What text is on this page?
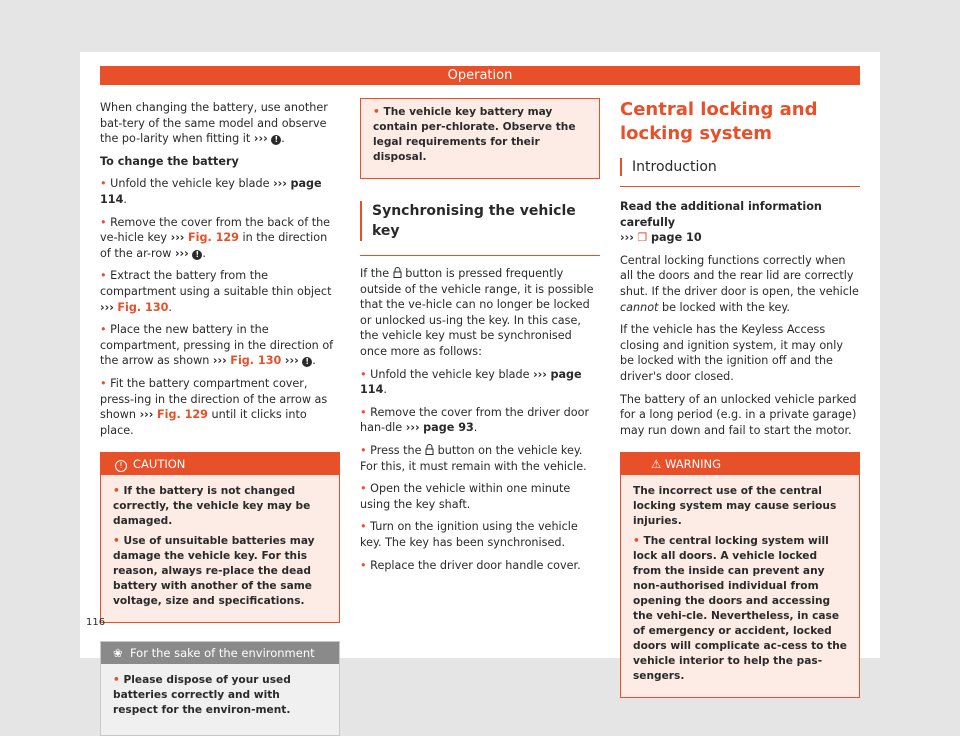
Operation

When changing the battery, use another bat-tery of the same model and observe the po-larity when fitting it ››› ! .

To change the battery

• Unfold the vehicle key blade ››› page 114.
• Remove the cover from the back of the ve-hicle key ››› Fig. 129 in the direction of the ar-row ››› ! .
• Extract the battery from the compartment using a suitable thin object ››› Fig. 130.
• Place the new battery in the compartment, pressing in the direction of the arrow as shown ››› Fig. 130 ››› ! .
• Fit the battery compartment cover, press-ing in the direction of the arrow as shown ››› Fig. 129 until it clicks into place.
! CAUTION
• If the battery is not changed correctly, the vehicle key may be damaged.
• Use of unsuitable batteries may damage the vehicle key. For this reason, always re-place the dead battery with another of the same voltage, size and specifications.
❀ For the sake of the environment
• Please dispose of your used batteries correctly and with respect for the environ-ment.
• The vehicle key battery may contain per-chlorate. Observe the legal requirements for their disposal.
Synchronising the vehicle key

If the button is pressed frequently outside of the vehicle range, it is possible that the ve-hicle can no longer be locked or unlocked us-ing the key. In this case, the vehicle key must be synchronised once more as follows:

• Unfold the vehicle key blade ››› page 114.
• Remove the cover from the driver door han-dle ››› page 93.
• Press the  button on the vehicle key. For this, it must remain with the vehicle.
• Open the vehicle within one minute using the key shaft.
• Turn on the ignition using the vehicle key. The key has been synchronised.
• Replace the driver door handle cover.
Central locking and locking system
Introduction

Read the additional information carefully
››› ❐ page 10

Central locking functions correctly when all the doors and the rear lid are correctly shut. If the driver door is open, the vehicle cannot be locked with the key.

If the vehicle has the Keyless Access closing and ignition system, it may only be locked with the ignition off and the driver's door closed.

The battery of an unlocked vehicle parked for a long period (e.g. in a private garage) may run down and fail to start the motor.

⚠ WARNING

The incorrect use of the central locking system may cause serious injuries.

• The central locking system will lock all doors. A vehicle locked from the inside can prevent any non-authorised individual from opening the doors and accessing the vehi-cle. Nevertheless, in case of emergency or accident, locked doors will complicate ac-cess to the vehicle interior to help the pas-sengers.
116
